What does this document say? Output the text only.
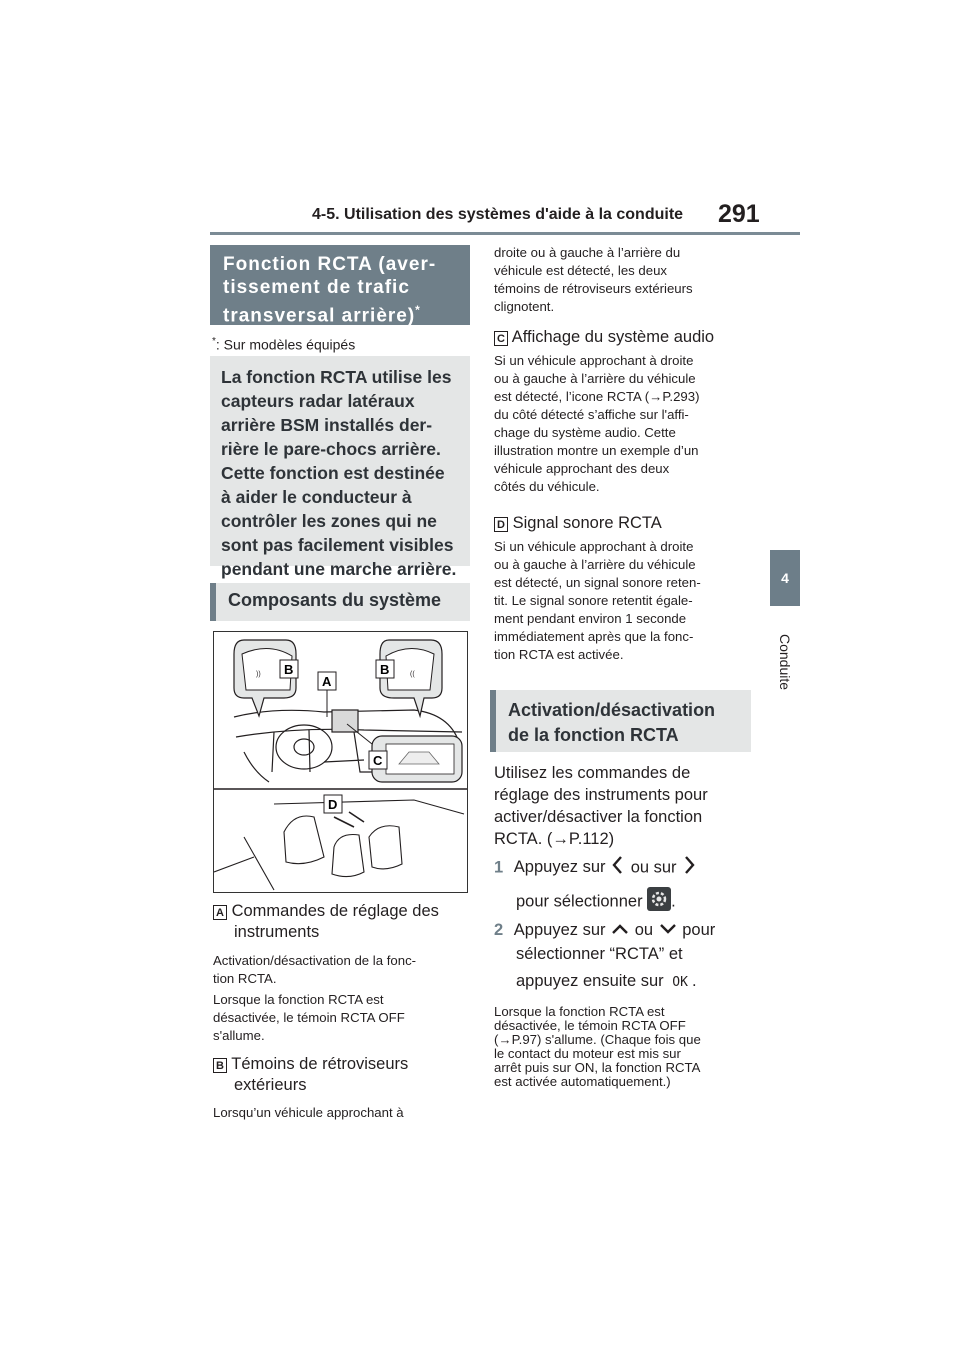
4-5. Utilisation des systèmes d'aide à la conduite 291
4
Conduite
Fonction RCTA (aver-
tissement de trafic
transversal arrière)*
*: Sur modèles équipés
La fonction RCTA utilise les
capteurs radar latéraux
arrière BSM installés der-
rière le pare-chocs arrière.
Cette fonction est destinée
à aider le conducteur à
contrôler les zones qui ne
sont pas facilement visibles
pendant une marche arrière.
Composants du système
))	((
B	B
A
C
D
A Commandes de réglage des
instruments
Activation/désactivation de la fonc-
tion RCTA.
Lorsque la fonction RCTA est
désactivée, le témoin RCTA OFF
s'allume.
B Témoins de rétroviseurs
extérieurs
Lorsqu’un véhicule approchant à
droite ou à gauche à l’arrière du
véhicule est détecté, les deux
témoins de rétroviseurs extérieurs
clignotent.
C Affichage du système audio
Si un véhicule approchant à droite
ou à gauche à l’arrière du véhicule
est détecté, l’icone RCTA (→P.293)
du côté détecté s’affiche sur l'affi-
chage du système audio. Cette
illustration montre un exemple d’un
véhicule approchant des deux
côtés du véhicule.
D Signal sonore RCTA
Si un véhicule approchant à droite
ou à gauche à l’arrière du véhicule
est détecté, un signal sonore reten-
tit. Le signal sonore retentit égale-
ment pendant environ 1 seconde
immédiatement après que la fonc-
tion RCTA est activée.
Activation/désactivation
de la fonction RCTA
Utilisez les commandes de
réglage des instruments pour
activer/désactiver la fonction
RCTA. (→P.112)
1 Appuyez sur ou sur
pour sélectionner .
2 Appuyez sur ou pour
sélectionner “RCTA” et
appuyez ensuite sur OK .
Lorsque la fonction RCTA est
désactivée, le témoin RCTA OFF
(→P.97) s'allume. (Chaque fois que
le contact du moteur est mis sur
arrêt puis sur ON, la fonction RCTA
est activée automatiquement.)
